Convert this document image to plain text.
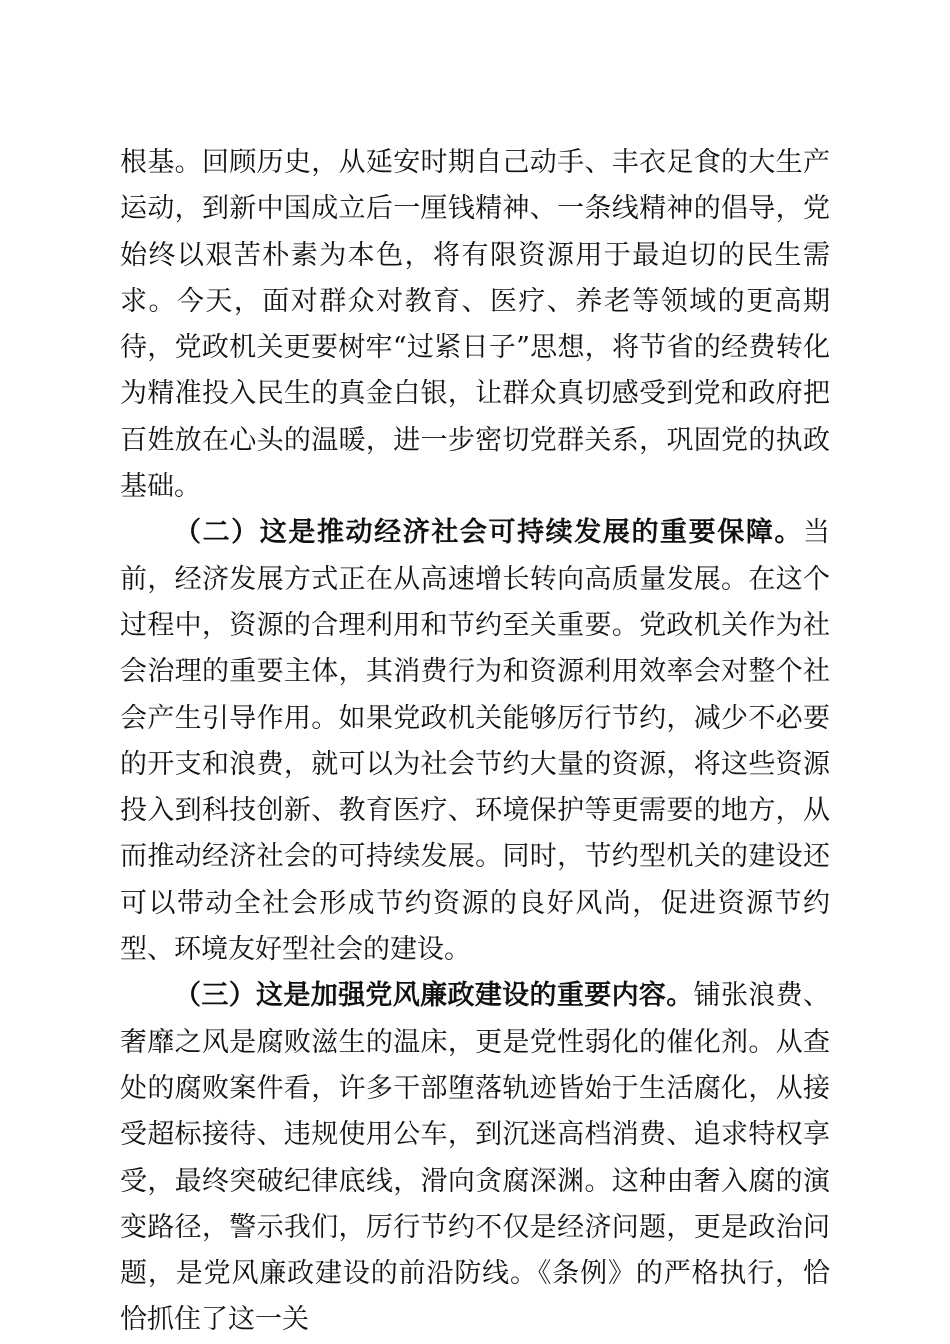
根基。回顾历史，从延安时期自己动手、丰衣足食的大生产运动，到新中国成立后一厘钱精神、一条线精神的倡导，党始终以艰苦朴素为本色，将有限资源用于最迫切的民生需求。今天，面对群众对教育、医疗、养老等领域的更高期待，党政机关更要树牢“过紧日子”思想，将节省的经费转化为精准投入民生的真金白银，让群众真切感受到党和政府把百姓放在心头的温暖，进一步密切党群关系，巩固党的执政基础。

（二）这是推动经济社会可持续发展的重要保障。当前，经济发展方式正在从高速增长转向高质量发展。在这个过程中，资源的合理利用和节约至关重要。党政机关作为社会治理的重要主体，其消费行为和资源利用效率会对整个社会产生引导作用。如果党政机关能够厉行节约，减少不必要的开支和浪费，就可以为社会节约大量的资源，将这些资源投入到科技创新、教育医疗、环境保护等更需要的地方，从而推动经济社会的可持续发展。同时，节约型机关的建设还可以带动全社会形成节约资源的良好风尚，促进资源节约型、环境友好型社会的建设。

（三）这是加强党风廉政建设的重要内容。铺张浪费、奢靡之风是腐败滋生的温床，更是党性弱化的催化剂。从查处的腐败案件看，许多干部堕落轨迹皆始于生活腐化，从接受超标接待、违规使用公车，到沉迷高档消费、追求特权享受，最终突破纪律底线，滑向贪腐深渊。这种由奢入腐的演变路径，警示我们，厉行节约不仅是经济问题，更是政治问题，是党风廉政建设的前沿防线。《条例》的严格执行，恰恰抓住了这一关
